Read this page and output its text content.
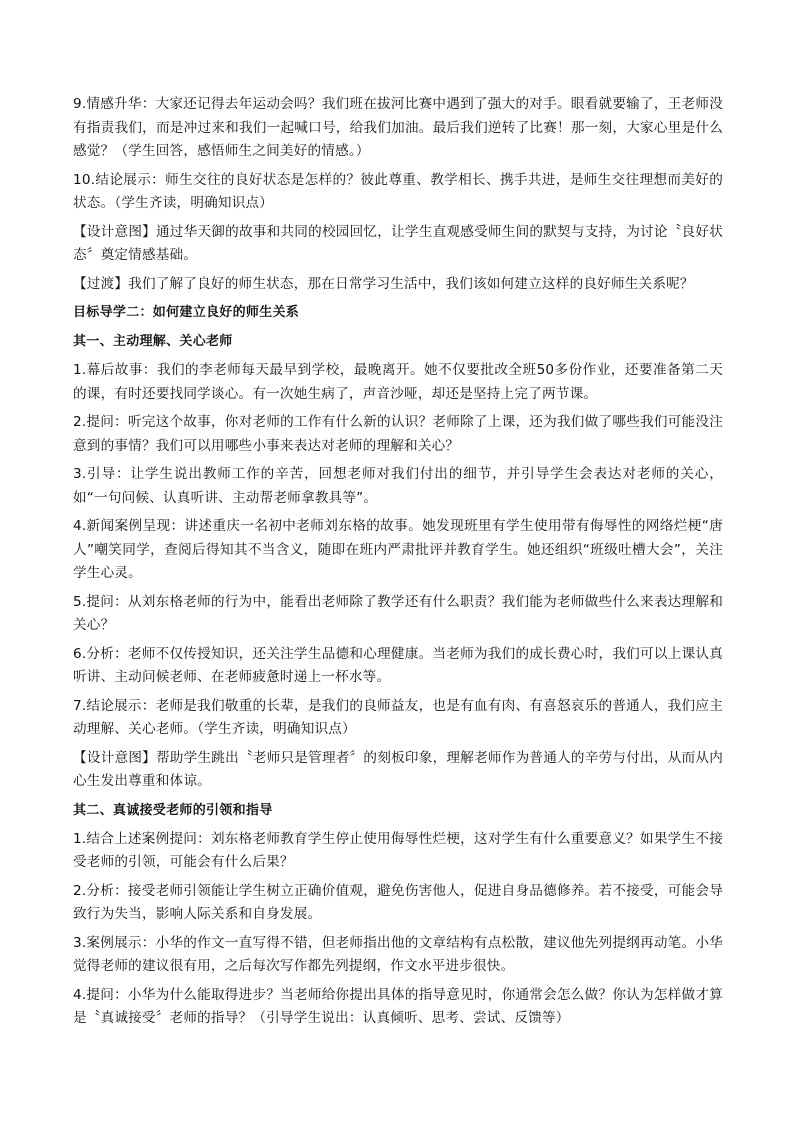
9.情感升华：大家还记得去年运动会吗？我们班在拔河比赛中遇到了强大的对手。眼看就要输了，王老师没有指责我们，而是冲过来和我们一起喊口号，给我们加油。最后我们逆转了比赛！那一刻，大家心里是什么感觉？（学生回答，感悟师生之间美好的情感。）

10.结论展示：师生交往的良好状态是怎样的？彼此尊重、教学相长、携手共进，是师生交往理想而美好的状态。（学生齐读，明确知识点）

【设计意图】通过华天御的故事和共同的校园回忆，让学生直观感受师生间的默契与支持，为讨论〝良好状态〞奠定情感基础。

【过渡】我们了解了良好的师生状态，那在日常学习生活中，我们该如何建立这样的良好师生关系呢？

目标导学二：如何建立良好的师生关系
其一、主动理解、关心老师

1.幕后故事：我们的李老师每天最早到学校，最晚离开。她不仅要批改全班50多份作业，还要准备第二天的课，有时还要找同学谈心。有一次她生病了，声音沙哑，却还是坚持上完了两节课。

2.提问：听完这个故事，你对老师的工作有什么新的认识？老师除了上课，还为我们做了哪些我们可能没注意到的事情？我们可以用哪些小事来表达对老师的理解和关心？

3.引导：让学生说出教师工作的辛苦，回想老师对我们付出的细节，并引导学生会表达对老师的关心，如“一句问候、认真听讲、主动帮老师拿教具等”。

4.新闻案例呈现：讲述重庆一名初中老师刘东格的故事。她发现班里有学生使用带有侮辱性的网络烂梗“唐人”嘲笑同学，查阅后得知其不当含义，随即在班内严肃批评并教育学生。她还组织“班级吐槽大会”，关注学生心灵。

5.提问：从刘东格老师的行为中，能看出老师除了教学还有什么职责？我们能为老师做些什么来表达理解和关心？

6.分析：老师不仅传授知识，还关注学生品德和心理健康。当老师为我们的成长费心时，我们可以上课认真听讲、主动问候老师、在老师疲惫时递上一杯水等。

7.结论展示：老师是我们敬重的长辈，是我们的良师益友，也是有血有肉、有喜怒哀乐的普通人，我们应主动理解、关心老师。（学生齐读，明确知识点）

【设计意图】帮助学生跳出〝老师只是管理者〞的刻板印象，理解老师作为普通人的辛劳与付出，从而从内心生发出尊重和体谅。

其二、真诚接受老师的引领和指导

1.结合上述案例提问：刘东格老师教育学生停止使用侮辱性烂梗，这对学生有什么重要意义？如果学生不接受老师的引领，可能会有什么后果？

2.分析：接受老师引领能让学生树立正确价值观，避免伤害他人，促进自身品德修养。若不接受，可能会导致行为失当，影响人际关系和自身发展。

3.案例展示：小华的作文一直写得不错，但老师指出他的文章结构有点松散，建议他先列提纲再动笔。小华觉得老师的建议很有用，之后每次写作都先列提纲，作文水平进步很快。

4.提问：小华为什么能取得进步？当老师给你提出具体的指导意见时，你通常会怎么做？你认为怎样做才算是〝真诚接受〞老师的指导？（引导学生说出：认真倾听、思考、尝试、反馈等）
